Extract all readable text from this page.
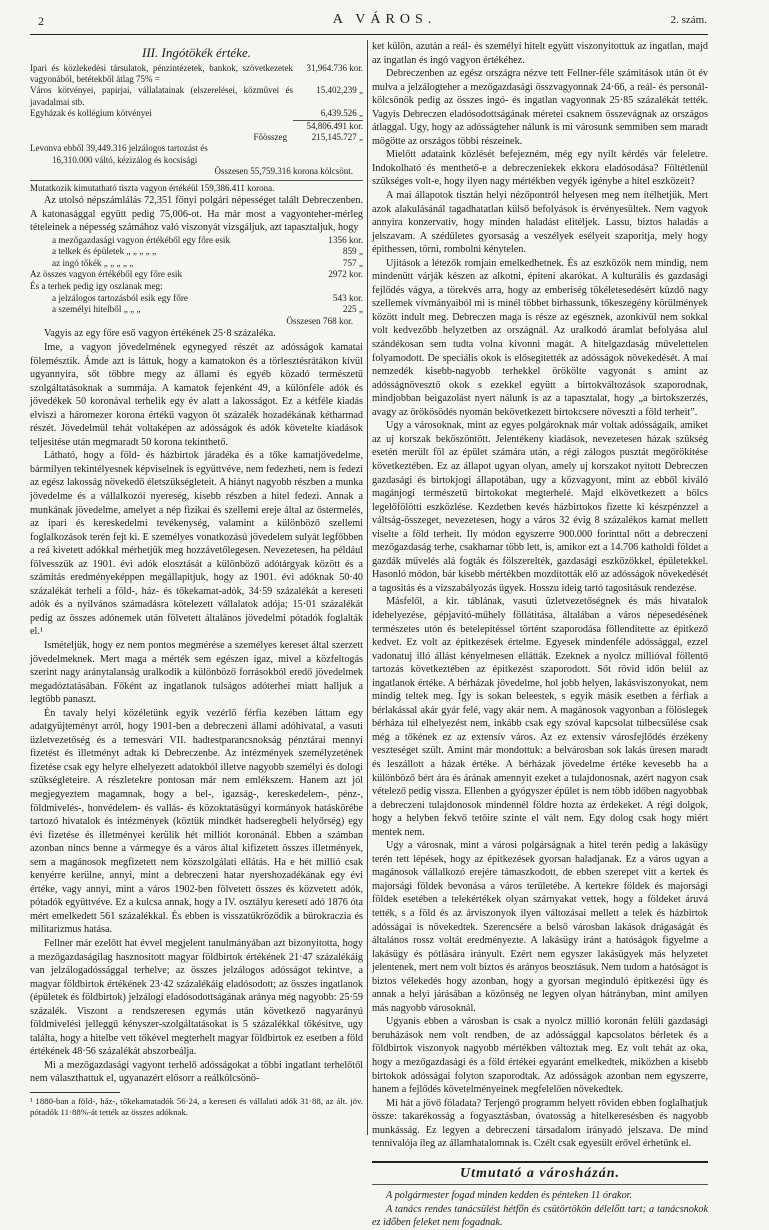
2	A VÁROS.	2. szám.
III. Ingótökék értéke.
Ipari és közlekedési társulatok, pénzintézetek, bankok, szövetkezetek vagyonából, betétekből átlag 75% =
31,964.736 kor.
Város kötvényei, papirjai, vállalatainak (elszerelései, közművei és javadalmai stb.
15.402,239 „
Egyházak és kollégium kötvényei	6,439.526 „
54,806.491 kor.
Főösszeg	215,145.727 „
Levonva ebből 39,449.316 jelzálogos tartozást és
16,310.000 váltó, kézizálog és kocsisági
Összesen 55,759.316 korona kölcsönt.
Mutatkozik kimutatható tiszta vagyon értékéül 159,386.411 korona.

Az utolsó népszámlálás 72,351 főnyi polgári népességet talált Debreczenben. A katonasággal együtt pedig 75,006-ot. Ha már most a vagyonteher-mérleg tételeinek a népesség számához való viszonyát vizsgáljuk, azt tapasztaljuk, hogy

a mezőgazdasági vagyon értékéből egy főre esik	1356 kor.
a telkek és épületek „ „ „ „ „	859 „
az ingó tőkék „ „ „ „ „	757 „
Az összes vagyon értékéből egy főre esik	2972 kor.

És a terhek pedig igy oszlanak meg:

a jelzálogos tartozásból esik egy főre	543 kor.
a személyi hitelből „ „ „	225 „
Összesen 768 kor.

Vagyis az egy főre eső vagyon értékének 25·8 százaléka.

Ime, a vagyon jövedelmének egynegyed részét az adósságok kamatai fölemésztik. Ámde azt is láttuk, hogy a kamatokon és a törlesztésrátákon kívül ugyannyira, sőt többre megy az állami és egyéb közadó természetű szolgáltatásoknak a summája. A kamatok fejenként 49, a különféle adók és jövedékek 50 koronával terhelik egy év alatt a lakosságot. Ez a kétféle kiadás elviszi a háromezer korona értékű vagyon öt százalék hozadékának kétharmad részét. Jövedelmül tehát voltaképen az adósságok és adók követelte kiadások teljesitése után megmaradt 50 korona tekinthető.

Látható, hogy a föld- és házbirtok járadéka és a tőke kamatjövedelme, bármilyen tekintélyesnek képviselnek is együttvéve, nem fedezheti, nem is fedezi az egész lakosság növekedő életszükségleteit. A hiányt nagyobb részben a munka jövedelme és a vállalkozói nyereség, kisebb részben a hitel fedezi. Annak a munkának jövedelme, amelyet a nép fizikai és szellemi ereje által az őstermelés, az ipari és kereskedelmi tevékenység, valamint a különböző szellemi foglalkozások terén fejt ki. E személyes vonatkozású jövedelem sulyát legfőbben a reá kivetett adókkal mérhetjük meg hozzávetőlegesen. Nevezetesen, ha például fölvesszük az 1901. évi adók elosztását a különböző adótárgyak között és a számitás eredményeképpen megállapitjuk, hogy az 1901. évi adóknak 50·40 százalékát terheli a föld-, ház- és tőkekamat-adók, 34·59 százalékát a kereseti adók és a nyilvános számadásra kötelezett vállalatok adója; 15·01 százalékát pedig az összes adónemek után fölvetett általános jövedelmi pótadók foglalták el.¹

Ismételjük, hogy ez nem pontos megmérése a személyes kereset által szerzett jövedelmeknek. Mert maga a mérték sem egészen igaz, mivel a közfeltogás szerint nagy aránytalanság uralkodik a különböző forrásokból eredő jövedelmek megadóztatásában. Főként az ingatlanok tulságos adóterhei miatt halljuk a legtöbb panaszt.

Én tavaly helyi közéletünk egyik vezérlő férfia kezében láttam egy adatgyüjteményt arról, hogy 1901-ben a debreczeni állami adóhivatal, a vasuti üzletvezetőség és a temesvári VII. hadtestparancsnokság pénztárai mennyi fizetést és illetményt adtak ki Debreczenbe. Az intézmények személyzetének fizetése csak egy helyre elhelyezett adatokból illetve nagyobb személyi és dologi szükségleteire. A részletekre pontosan már nem emlékszem. Hanem azt jól megjegyeztem magamnak, hogy a bel-, igazság-, kereskedelem-, pénz-, földmivelés-, honvédelem- és vallás- és közoktatásügyi kormányok hatáskörébe tartozó hivatalok és intézmények (köztük mindkét hadseregbeli helyőrség) egy évi fizetése és illetményei kerülik hét milliót koronánál. Ebben a számban azonban nincs benne a vármegye és a város által kifizetett összes illetmények, sem a magánosok megfizetett nem közszolgálati ellátás. Ha e hét millió csak kenyérre kerülne, annyi, mint a debreczeni hatar nyershozadékának egy évi értéke, vagy annyi, mint a város 1902-ben fölvetett összes és közvetett adók, pótadók együttvéve. Ez a kulcsa annak, hogy a IV. osztályu keresetí adó 1876 óta mért emelkedett 561 százalékkal. És ebben is visszatükröződik a bürokraczia és militarizmus hatása.

Fellner már ezelőtt hat évvel megjelent tanulmányában azt bizonyitotta, hogy a mezőgazdaságilag hasznositott magyar földbirtok értékének 21·47 százalékáig van jelzálogadóssággal terhelve; az összes jelzálogos adósságot tekintve, a magyar földbirtok értékének 23·42 százalékáig eladósodott; az összes ingatlanok (épületek és földbirtok) jelzálogi eladósodottságának aránya még nagyobb: 25·59 százalék. Viszont a rendszeresen egymás után következő nagyarányú földmivelési jelleggű kényszer-szolgáltatásokat is 5 százalékkal tőkésitve, ugy találta, hogy a hitelbe vett tőkével megterhelt magyar földbirtok ez esetben a föld értékének 48·56 százalékát abszorbeálja.

Mi a mezőgazdasági vagyont terhelő adósságokat a többi ingatlant terhelőtől nem választhattuk el, ugyanazért elősorr a reálkölcsönö-

¹ 1880-ban a föld-, ház-, tőkekamatadók 56·24, a kereseti és vállalati adók 31·88, az ált. jöv. pótadók 11·88%-át tették az összes adóknak.

ket külön, azután a reál- és személyi hitelt együtt viszonyitottuk az ingatlan, majd az ingatlan és ingó vagyon értékéhez.

Debreczenben az egész országra nézve tett Fellner-féle számitások után öt év mulva a jelzálogteher a mezőgazdasági összvagyonnak 24·66, a reál- és personál-kölcsönök pedig az összes ingó- és ingatlan vagyonnak 25·85 százalékát tették. Vagyis Debreczen eladósodottságának méretei csaknem összevágnak az országos átlaggal. Ugy, hogy az adósságteher nálunk is mi városunk semmiben sem maradt mögötte az országos többi részeinek.

Mielőtt adataink közlését befejezném, még egy nyilt kérdés vár feleletre. Indokolható és menthető-e a debreczeniekek ekkora eladósodása? Föltétlenül szükséges volt-e, hogy ilyen nagy mértékben vegyék igénybe a hitel eszközeit?

A mai állapotok tisztán helyi nézőpontról helyesen meg nem ítélhetjük. Mert azok alakulásánál tagadhatatlan külső befolyások is érvényesültek. Nem vagyok annyira konzervativ, hogy minden haladást elitéljek. Lassu, biztos haladás a jelszavam. A szédületes gyorsaság a veszélyek esélyeit szaporitja, mely hogy épithessen, törni, rombolni kénytelen.

Ujitások a létezők romjain emelkedhetnek. És az eszközök nem mindig, nem mindenütt várják készen az alkotni, épiteni akarókat. A kulturális és gazdasági fejlődés vágya, a törekvés arra, hogy az emberiség tökéletesedésért küzdő nagy szellemek vívmányaiból mi is minél többet birhassunk, tőkeszegény körülmények között indult meg. Debreczen maga is része az egésznek, azonkívül nem sokkal volt kedvezőbb helyzetben az országnál. Az uralkodó áramlat befolyása alul szándékosan sem tudta volna kivonni magát. A hitelgazdaság művelettelen folyamodott. De speciális okok is elősegitették az adósságok növekedését. A mai nemzedék kisebb-nagyobb terhekkel örökölte vagyonát s amint az adósságnövesztő okok s ezekkel együtt a birtokváltozások szaporodnak, mindjobban beigazolást nyert nálunk is az a tapasztalat, hogy „a birtokszerzés, avagy az örökösödés nyomán bekövetkezett birtokcsere növeszti a föld terheit”.

Ugy a városoknak, mint az egyes polgároknak már voltak adósságaik, amiket az uj korszak beköszöntött. Jelentékeny kiadások, nevezetesen házak szükség esetén merült föl az épület számára után, a régi zálogos pusztát megörökitése következtében. Ez az állapot ugyan olyan, amely uj korszakot nyitott Debreczen gazdasági és birtokjogi állapotában, ugy a közvagyont, mint az ebből kiváló magánjogi természetű birtokokat megterhelé. Majd elkövetkezett a bölcs legelőfölötti eszközlése. Kezdetben kevés házbirtokos fizette ki készpénzzel a váltság-összeget, nevezetesen, hogy a város 32 évig 8 százalékos kamat mellett viselte a föld terheit. Ily módon egyszerre 900.000 forinttal nőtt a debreczeni mezőgazdaság terhe, csakhamar több lett, is, amikor ezt a 14.706 katholdi földet a gazdák művelés alá fogták és fölszerelték, gazdasági eszközökkel, épületekkel. Hasonló módon, bár kisebb mértékben mozdították elő az adósságok növekedését a tagositás és a vizszabályozás ügyek. Hosszu ideig tartó tagositásuk rendezése.

Másfelől, a kir. táblának, vasuti üzletvezetőségnek és más hivatalok idehelyezése, gépjavitó-műhely föllátitása, általában a város népesedésének természetes utón és betelepitéssel történt szaporodása föllendítette az épitkező kedvet. Ez volt az épitkezések értelme. Egyesek mindenféle adóssággal, ezzel vadonatuj illó állást kényelmesen ellátták. Ezeknek a nyolcz millióval föllentő tartozás következtében az épitkezést szaporodott. Sőt rövid időn belül az ingatlanok értéke. A bérházak jövedelme, hol jobb helyen, lakásviszonyokat, nem mindig teltek meg. Így is sokan beleestek, s egyik másik esetben a férfiak a bérlakással akár gyár felé, vagy akár nem. A magánosok vagyonban a fölöslegek bérháza túl elhelyezést nem, inkább csak egy szóval kapcsolat túlbecsülése csak még a tőkének ez az extensív város. Az ez extensiv városfejlődés érzékeny veszteséget szült. Amint már mondottuk: a belvárosban sok lakás üresen maradt és leszállott a házak értéke. A bérházak jövedelme értéke kevesebb ha a különböző bért ára és árának amennyit ezeket a tulajdonosnak, azért nagyon csak vételező pedig vissza. Ellenben a gyógyszer épület is nem több időben nagyobbak a debreczeni tulajdonosok mindennél földre hozta az érdekeket. A régi dolgok, hogy a helyben fekvő tetőire szinte el vált nem. Egy dolog csak hogy miért mentek nem.

Ugy a városnak, mint a városi polgárságnak a hitel terén pedig a lakásügy terén tett lépések, hogy az épitkezések gyorsan haladjanak. Ez a város ugyan a magánosok vállalkozó erejére támaszkodott, de ebben szerepet vitt a kertek és majorsági földek bevonása a város területébe. A kertekre földek és majorsági földek esetében a telekértékek olyan szárnyakat vettek, hogy a földeket áruvá tették, s a föld és az árviszonyok ilyen változásai mellett a telek és házbirtok adósságai is növekedtek. Szerencsére a belső városban lakások drágaságát és általános rossz voltát eredményezte. A lakásügy iránt a hatóságok figyelme a lakásügy és pótlására irányult. Ezért nem egyszer lakásügyek más helyzetet jelentenek, mert nem volt biztos és arányos beosztásuk. Nem tudom a hatóságot is biztos vélekedés hogy azonban, hogy a gyorsan meginduló épitkezési ügy és annak a helyi járásában a közönség ne legyen olyan hátrányban, mint amilyen más nagyobb városoknál.

Ugyanis ebben a városban is csak a nyolcz millió koronán felüli gazdasági beruházások nem volt rendben, de az adóssággal kapcsolatos bérletek és a földbirtok viszonyok nagyobb mértékben változtak meg. Ez volt tehát az oka, hogy a mezőgazdasági és a föld értékei egyaránt emelkedtek, miközben a kisebb birtokok adósságai folyton szaporodtak. Az adósságok azonban nem egyszerre, hanem a fejlődés követelményeinek megfelelően növekedtek.

Mi hát a jövő föladata? Terjengő programm helyett röviden ebben foglalhatjuk össze: takarékosság a fogyasztásban, óvatosság a hitelkeresésben és nagyobb munkásság. Ez legyen a debreczeni társadalom irányadó jelszava. De mind tennivalója ileg az államhatalomnak is. Czélt csak egyesült erővel érhetünk el.

Utmutató a városházán.

A polgármester fogad minden kedden és pénteken 11 órakor.

A tanács rendes tanácsülést hétfőn és csütörtökön délelőtt tart; a tanácsnokok ez időben feleket nem fogadnak.
